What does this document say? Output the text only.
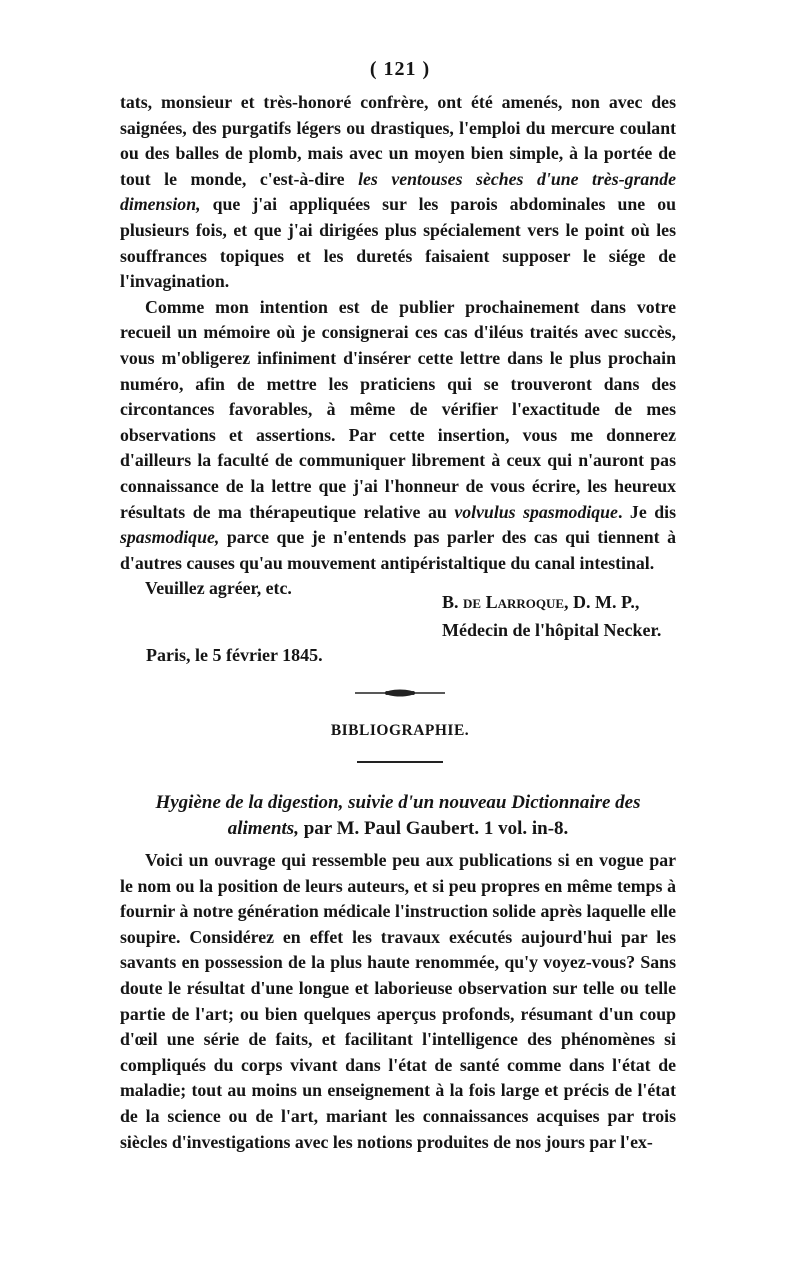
( 121 )

tats, monsieur et très-honoré confrère, ont été amenés, non avec des saignées, des purgatifs légers ou drastiques, l'emploi du mercure coulant ou des balles de plomb, mais avec un moyen bien simple, à la portée de tout le monde, c'est-à-dire les ventouses sèches d'une très-grande dimension, que j'ai appliquées sur les parois abdominales une ou plusieurs fois, et que j'ai dirigées plus spécialement vers le point où les souffrances topiques et les duretés faisaient supposer le siége de l'invagination.

Comme mon intention est de publier prochainement dans votre recueil un mémoire où je consignerai ces cas d'iléus traités avec succès, vous m'obligerez infiniment d'insérer cette lettre dans le plus prochain numéro, afin de mettre les praticiens qui se trouveront dans des circontances favorables, à même de vérifier l'exactitude de mes observations et assertions. Par cette insertion, vous me donnerez d'ailleurs la faculté de communiquer librement à ceux qui n'auront pas connaissance de la lettre que j'ai l'honneur de vous écrire, les heureux résultats de ma thérapeutique relative au volvulus spasmodique. Je dis spasmodique, parce que je n'entends pas parler des cas qui tiennent à d'autres causes qu'au mouvement antipéristaltique du canal intestinal.

Veuillez agréer, etc.

B. de Larroque, D. M. P.,
Médecin de l'hôpital Necker.
Paris, le 5 février 1845.
BIBLIOGRAPHIE.
Hygiène de la digestion, suivie d'un nouveau Dictionnaire des aliments, par M. Paul Gaubert. 1 vol. in-8.

Voici un ouvrage qui ressemble peu aux publications si en vogue par le nom ou la position de leurs auteurs, et si peu propres en même temps à fournir à notre génération médicale l'instruction solide après laquelle elle soupire. Considérez en effet les travaux exécutés aujourd'hui par les savants en possession de la plus haute renommée, qu'y voyez-vous? Sans doute le résultat d'une longue et laborieuse observation sur telle ou telle partie de l'art; ou bien quelques aperçus profonds, résumant d'un coup d'œil une série de faits, et facilitant l'intelligence des phénomènes si compliqués du corps vivant dans l'état de santé comme dans l'état de maladie; tout au moins un enseignement à la fois large et précis de l'état de la science ou de l'art, mariant les connaissances acquises par trois siècles d'investigations avec les notions produites de nos jours par l'ex-
